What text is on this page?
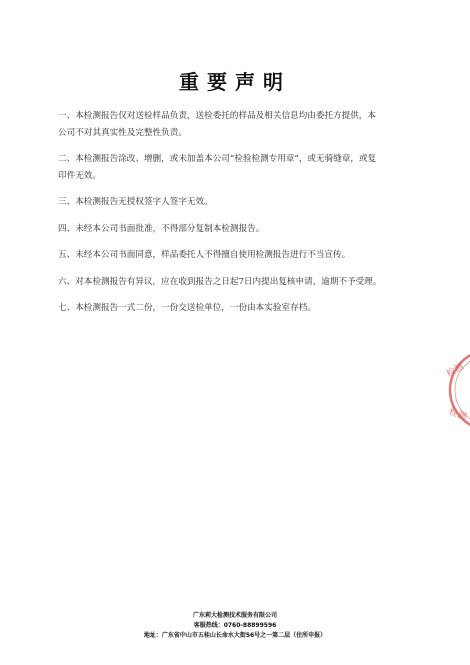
重要声明
一、本检测报告仅对送检样品负责，送检委托的样品及相关信息均由委托方提供，本公司不对其真实性及完整性负责。
二、本检测报告涂改、增删，或未加盖本公司“检验检测专用章”，或无骑缝章，或复印件无效。
三、本检测报告无授权签字人签字无效。
四、未经本公司书面批准，不得部分复制本检测报告。
五、未经本公司书面同意，样品委托人不得擅自使用检测报告进行不当宣传。
六、对本检测报告有异议，应在收到报告之日起7日内提出复核申请，逾期不予受理。
七、本检测报告一式二份，一份交送检单位，一份由本实验室存档。
检测
检测
广东莉大检测技术服务有限公司
客服热线：0760-88899596
地址：广东省中山市五桂山长命水大街56号之一第二层（住所申报）
